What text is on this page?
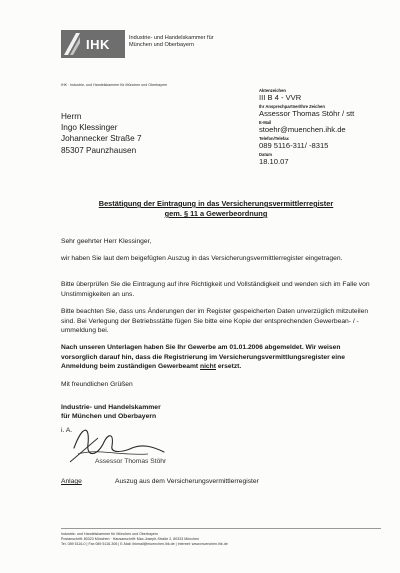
IHK	Industrie- und Handelskammer für
München und Oberbayern
IHK · Industrie- und Handelskammer für München und Oberbayern
Herrn
Ingo Klessinger
Johannecker Straße 7
85307 Paunzhausen
Aktenzeichen
III B 4 - VVR
Ihr Ansprechpartner/Ihre Zeichen
Assessor Thomas Stöhr / stt
E-Mail
stoehr@muenchen.ihk.de
Telefon/Telefax
089 5116-311/ -8315
Datum
18.10.07
Bestätigung der Eintragung in das Versicherungsvermittlerregister
gem. § 11 a Gewerbeordnung

Sehr geehrter Herr Klessinger,

wir haben Sie laut dem beigefügten Auszug in das Versicherungsvermittlerregister eingetragen.

Bitte überprüfen Sie die Eintragung auf ihre Richtigkeit und Vollständigkeit und wenden sich im Falle von Unstimmigkeiten an uns.

Bitte beachten Sie, dass uns Änderungen der im Register gespeicherten Daten unverzüglich mitzuteilen sind. Bei Verlegung der Betriebsstätte fügen Sie bitte eine Kopie der entsprechenden Gewerbean- / -ummeldung bei.

Nach unseren Unterlagen haben Sie Ihr Gewerbe am 01.01.2006 abgemeldet. Wir weisen vorsorglich darauf hin, dass die Registrierung im Versicherungsvermittlungsregister eine Anmeldung beim zuständigen Gewerbeamt nicht ersetzt.

Mit freundlichen Grüßen
Industrie- und Handelskammer
für München und Oberbayern
i. A.
Assessor Thomas Stöhr
Anlage	Auszug aus dem Versicherungsvermittlerregister
Industrie- und Handelskammer für München und Oberbayern
Postanschrift: 80323 München · Hausanschrift: Max-Joseph-Straße 2, 80333 München
Tel. 089 5116-0 | Fax 089 5116-306 | E-Mail: ihkmail@muenchen.ihk.de | Internet: www.muenchen.ihk.de
